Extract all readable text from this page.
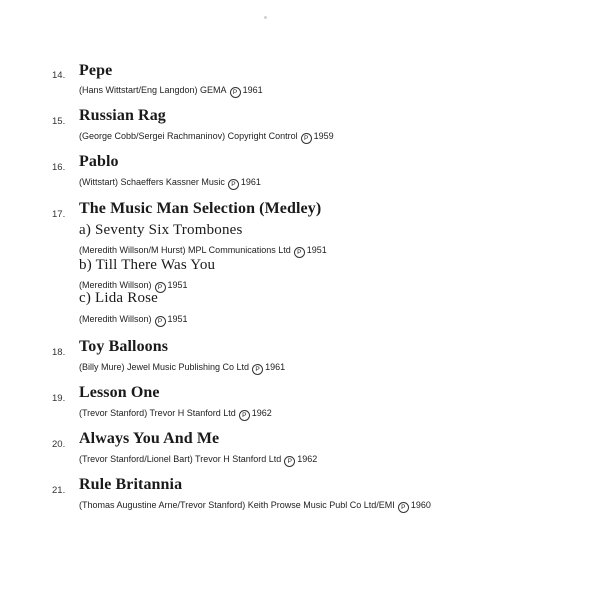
14. Pepe
(Hans Wittstart/Eng Langdon) GEMA P 1961
15. Russian Rag
(George Cobb/Sergei Rachmaninov) Copyright Control P 1959
16. Pablo
(Wittstart) Schaeffers Kassner Music P 1961
17. The Music Man Selection (Medley)
a) Seventy Six Trombones
(Meredith Willson/M Hurst) MPL Communications Ltd P 1951
b) Till There Was You
(Meredith Willson) P 1951
c) Lida Rose
(Meredith Willson) P 1951
18. Toy Balloons
(Billy Mure) Jewel Music Publishing Co Ltd P 1961
19. Lesson One
(Trevor Stanford) Trevor H Stanford Ltd P 1962
20. Always You And Me
(Trevor Stanford/Lionel Bart) Trevor H Stanford Ltd P 1962
21. Rule Britannia
(Thomas Augustine Arne/Trevor Stanford) Keith Prowse Music Publ Co Ltd/EMI P 1960
